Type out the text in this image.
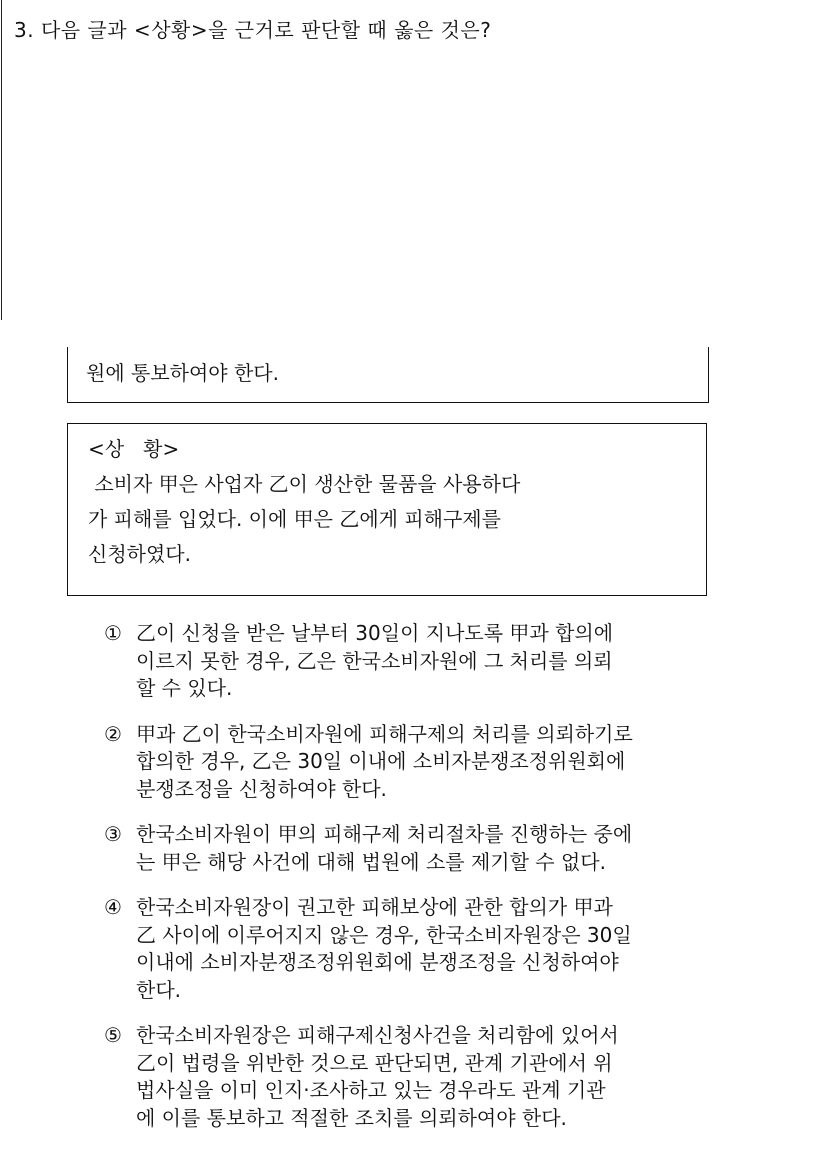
3. 다음 글과 <상황>을 근거로 판단할 때 옳은 것은?
원에 통보하여야 한다.
<상   황>
소비자 甲은 사업자 乙이 생산한 물품을 사용하다
가 피해를 입었다. 이에 甲은 乙에게 피해구제를
신청하였다.
① 乙이 신청을 받은 날부터 30일이 지나도록 甲과 합의에
이르지 못한 경우, 乙은 한국소비자원에 그 처리를 의뢰
할 수 있다.
② 甲과 乙이 한국소비자원에 피해구제의 처리를 의뢰하기로
합의한 경우, 乙은 30일 이내에 소비자분쟁조정위원회에
분쟁조정을 신청하여야 한다.
③ 한국소비자원이 甲의 피해구제 처리절차를 진행하는 중에
는 甲은 해당 사건에 대해 법원에 소를 제기할 수 없다.
④ 한국소비자원장이 권고한 피해보상에 관한 합의가 甲과
乙 사이에 이루어지지 않은 경우, 한국소비자원장은 30일
이내에 소비자분쟁조정위원회에 분쟁조정을 신청하여야
한다.
⑤ 한국소비자원장은 피해구제신청사건을 처리함에 있어서
乙이 법령을 위반한 것으로 판단되면, 관계 기관에서 위
법사실을 이미 인지·조사하고 있는 경우라도 관계 기관
에 이를 통보하고 적절한 조치를 의뢰하여야 한다.
